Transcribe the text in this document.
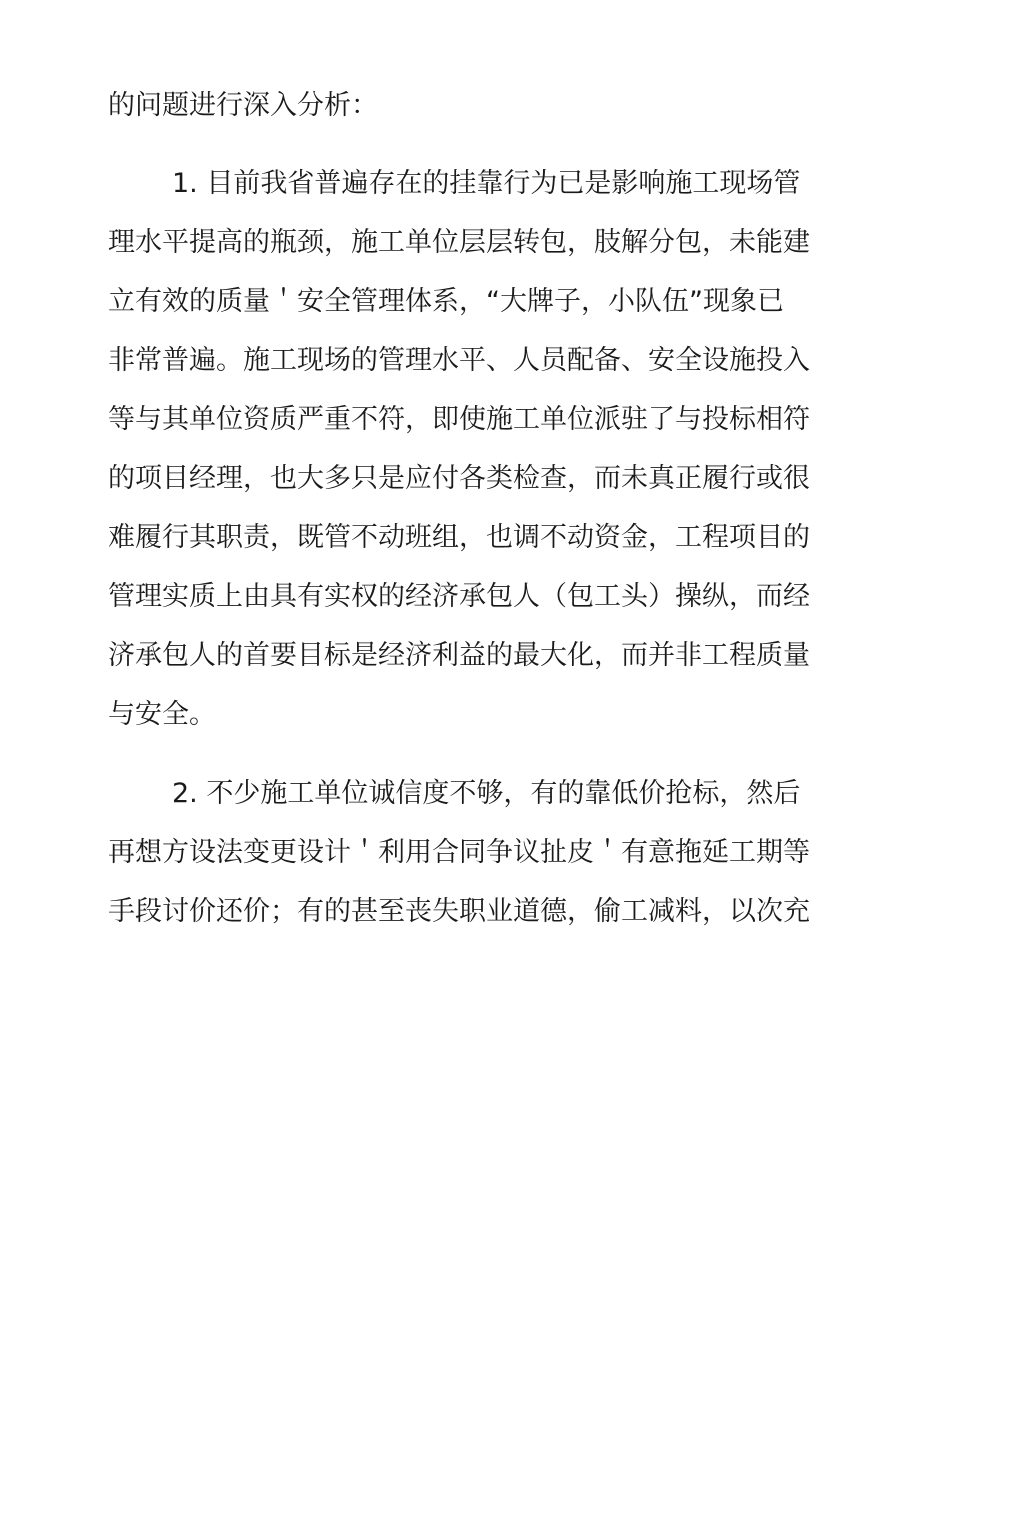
的问题进行深入分析：
1. 目前我省普遍存在的挂靠行为已是影响施工现场管
理水平提高的瓶颈，施工单位层层转包，肢解分包，未能建
立有效的质量＇安全管理体系，“大牌子，小队伍”现象已
非常普遍。施工现场的管理水平、人员配备、安全设施投入
等与其单位资质严重不符，即使施工单位派驻了与投标相符
的项目经理，也大多只是应付各类检查，而未真正履行或很
难履行其职责，既管不动班组，也调不动资金，工程项目的
管理实质上由具有实权的经济承包人（包工头）操纵，而经
济承包人的首要目标是经济利益的最大化，而并非工程质量
与安全。
2. 不少施工单位诚信度不够，有的靠低价抢标，然后
再想方设法变更设计＇利用合同争议扯皮＇有意拖延工期等
手段讨价还价；有的甚至丧失职业道德，偷工减料，以次充
